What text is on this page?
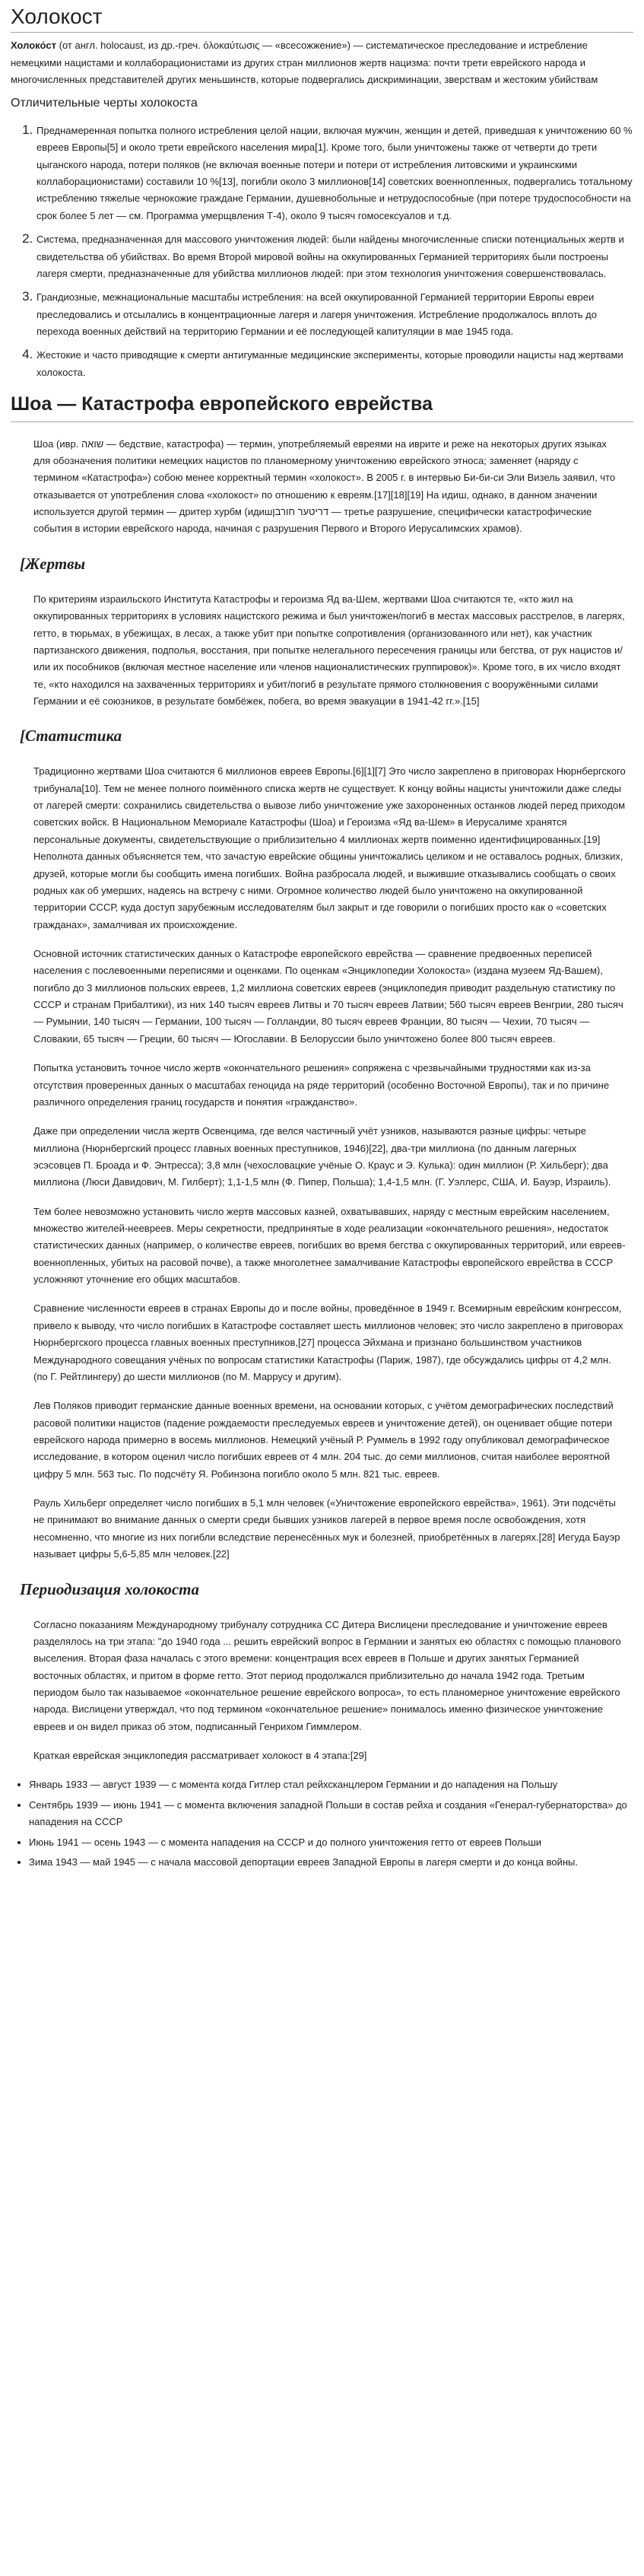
Холокост

Холоко́ст (от англ. holocaust, из др.-греч. ὁλοκαύτωσις — «всесожжение») — систематическое преследование и истребление немецкими нацистами и коллаборационистами из других стран миллионов жертв нацизма: почти трети еврейского народа и многочисленных представителей других меньшинств, которые подвергались дискриминации, зверствам и жестоким убийствам

Отличительные черты холокоста
1. Преднамеренная попытка полного истребления целой нации, включая мужчин, женщин и детей, приведшая к уничтожению 60 % евреев Европы[5] и около трети еврейского населения мира[1]. Кроме того, были уничтожены также от четверти до трети цыганского народа, потери поляков (не включая военные потери и потери от истребления литовскими и украинскими коллаборационистами) составили 10 %[13], погибли около 3 миллионов[14] советских военнопленных, подвергались тотальному истреблению тяжелые чернокожие граждане Германии, душевнобольные и нетрудоспособные (при потере трудоспособности на срок более 5 лет — см. Программа умерщвления Т-4), около 9 тысяч гомосексуалов и т.д.
2. Система, предназначенная для массового уничтожения людей: были найдены многочисленные списки потенциальных жертв и свидетельства об убийствах. Во время Второй мировой войны на оккупированных Германией территориях были построены лагеря смерти, предназначенные для убийства миллионов людей: при этом технология уничтожения совершенствовалась.
3. Грандиозные, межнациональные масштабы истребления: на всей оккупированной Германией территории Европы евреи преследовались и отсылались в концентрационные лагеря и лагеря уничтожения. Истребление продолжалось вплоть до перехода военных действий на территорию Германии и её последующей капитуляции в мае 1945 года.
4. Жестокие и часто приводящие к смерти антигуманные медицинские эксперименты, которые проводили нацисты над жертвами холокоста.
Шоа — Катастрофа европейского еврейства

Шоа (ивр. שואה — бедствие, катастрофа) — термин, употребляемый евреями на иврите и реже на некоторых других языках для обозначения политики немецких нацистов по планомерному уничтожению еврейского этноса; заменяет (наряду с термином «Катастрофа») собою менее корректный термин «холокост». В 2005 г. в интервью Би-би-си Эли Визель заявил, что отказывается от употребления слова «холокост» по отношению к евреям.[17][18][19] На идиш, однако, в данном значении используется другой термин — дритер хурбм (идишדריטער חורבן — третье разрушение, специфически катастрофические события в истории еврейского народа, начиная с разрушения Первого и Второго Иерусалимских храмов).

[Жертвы

По критериям израильского Института Катастрофы и героизма Яд ва-Шем, жертвами Шоа считаются те, «кто жил на оккупированных территориях в условиях нацистского режима и был уничтожен/погиб в местах массовых расстрелов, в лагерях, гетто, в тюрьмах, в убежищах, в лесах, а также убит при попытке сопротивления (организованного или нет), как участник партизанского движения, подполья, восстания, при попытке нелегального пересечения границы или бегства, от рук нацистов и/или их пособников (включая местное население или членов националистических группировок)». Кроме того, в их число входят те, «кто находился на захваченных территориях и убит/погиб в результате прямого столкновения с вооружёнными силами Германии и её союзников, в результате бомбёжек, побега, во время эвакуации в 1941-42 гг.».[15]

[Статистика

Традиционно жертвами Шоа считаются 6 миллионов евреев Европы.[6][1][7] Это число закреплено в приговорах Нюрнбергского трибунала[10]. Тем не менее полного поимённого списка жертв не существует. К концу войны нацисты уничтожили даже следы от лагерей смерти: сохранились свидетельства о вывозе либо уничтожение уже захороненных останков людей перед приходом советских войск. В Национальном Мемориале Катастрофы (Шоа) и Героизма «Яд ва-Шем» в Иерусалиме хранятся персональные документы, свидетельствующие о приблизительно 4 миллионах жертв поименно идентифицированных.[19] Неполнота данных объясняется тем, что зачастую еврейские общины уничтожались целиком и не оставалось родных, близких, друзей, которые могли бы сообщить имена погибших. Война разбросала людей, и выжившие отказывались сообщать о своих родных как об умерших, надеясь на встречу с ними. Огромное количество людей было уничтожено на оккупированной территории СССР, куда доступ зарубежным исследователям был закрыт и где говорили о погибших просто как о «советских гражданах», замалчивая их происхождение.

Основной источник статистических данных о Катастрофе европейского еврейства — сравнение предвоенных переписей населения с послевоенными переписями и оценками. По оценкам «Энциклопедии Холокоста» (издана музеем Яд-Вашем), погибло до 3 миллионов польских евреев, 1,2 миллиона советских евреев (энциклопедия приводит раздельную статистику по СССР и странам Прибалтики), из них 140 тысяч евреев Литвы и 70 тысяч евреев Латвии; 560 тысяч евреев Венгрии, 280 тысяч — Румынии, 140 тысяч — Германии, 100 тысяч — Голландии, 80 тысяч евреев Франции, 80 тысяч — Чехии, 70 тысяч — Словакии, 65 тысяч — Греции, 60 тысяч — Югославии. В Белоруссии было уничтожено более 800 тысяч евреев.

Попытка установить точное число жертв «окончательного решения» сопряжена с чрезвычайными трудностями как из-за отсутствия проверенных данных о масштабах геноцида на ряде территорий (особенно Восточной Европы), так и по причине различного определения границ государств и понятия «гражданство».

Даже при определении числа жертв Освенцима, где велся частичный учёт узников, называются разные цифры: четыре миллиона (Нюрнбергский процесс главных военных преступников, 1946)[22], два-три миллиона (по данным лагерных эсэсовцев П. Броада и Ф. Энтресса); 3,8 млн (чехословацкие учёные О. Краус и Э. Кулька): один миллион (Р. Хильберг); два миллиона (Люси Давидович, М. Гилберт); 1,1-1,5 млн (Ф. Пипер, Польша); 1,4-1,5 млн. (Г. Уэллерс, США, И. Бауэр, Израиль).

Тем более невозможно установить число жертв массовых казней, охватывавших, наряду с местным еврейским населением, множество жителей-неевреев. Меры секретности, предпринятые в ходе реализации «окончательного решения», недостаток статистических данных (например, о количестве евреев, погибших во время бегства с оккупированных территорий, или евреев-военнопленных, убитых на расовой почве), а также многолетнее замалчивание Катастрофы европейского еврейства в СССР усложняют уточнение его общих масштабов.

Сравнение численности евреев в странах Европы до и после войны, проведённое в 1949 г. Всемирным еврейским конгрессом, привело к выводу, что число погибших в Катастрофе составляет шесть миллионов человек; это число закреплено в приговорах Нюрнбергского процесса главных военных преступников,[27] процесса Эйхмана и признано большинством участников Международного совещания учёных по вопросам статистики Катастрофы (Париж, 1987), где обсуждались цифры от 4,2 млн. (по Г. Рейтлингеру) до шести миллионов (по М. Маррусу и другим).

Лев Поляков приводит германские данные военных времени, на основании которых, с учётом демографических последствий расовой политики нацистов (падение рождаемости преследуемых евреев и уничтожение детей), он оценивает общие потери еврейского народа примерно в восемь миллионов. Немецкий учёный Р. Руммель в 1992 году опубликовал демографическое исследование, в котором оценил число погибших евреев от 4 млн. 204 тыс. до семи миллионов, считая наиболее вероятной цифру 5 млн. 563 тыс. По подсчёту Я. Робинзона погибло около 5 млн. 821 тыс. евреев.

Рауль Хильберг определяет число погибших в 5,1 млн человек («Уничтожение европейского еврейства», 1961). Эти подсчёты не принимают во внимание данных о смерти среди бывших узников лагерей в первое время после освобождения, хотя несомненно, что многие из них погибли вследствие перенесённых мук и болезней, приобретённых в лагерях.[28] Иегуда Бауэр называет цифры 5,6-5,85 млн человек.[22]

Периодизация холокоста

Согласно показаниям Международному трибуналу сотрудника СС Дитера Вислицени преследование и уничтожение евреев разделялось на три этапа: "до 1940 года ... решить еврейский вопрос в Германии и занятых ею областях с помощью планового выселения. Вторая фаза началась с этого времени: концентрация всех евреев в Польше и других занятых Германией восточных областях, и притом в форме гетто. Этот период продолжался приблизительно до начала 1942 года. Третьим периодом было так называемое «окончательное решение еврейского вопроса», то есть планомерное уничтожение еврейского народа. Вислицени утверждал, что под термином «окончательное решение» понималось именно физическое уничтожение евреев и он видел приказ об этом, подписанный Генрихом Гиммлером.

Краткая еврейская энциклопедия рассматривает холокост в 4 этапа:[29]

• Январь 1933 — август 1939 — с момента когда Гитлер стал рейхсканцлером Германии и до нападения на Польшу
• Сентябрь 1939 — июнь 1941 — с момента включения западной Польши в состав рейха и создания «Генерал-губернаторства» до нападения на СССР
• Июнь 1941 — осень 1943 — с момента нападения на СССР и до полного уничтожения гетто от евреев Польши
• Зима 1943 — май 1945 — с начала массовой депортации евреев Западной Европы в лагеря смерти и до конца войны.
